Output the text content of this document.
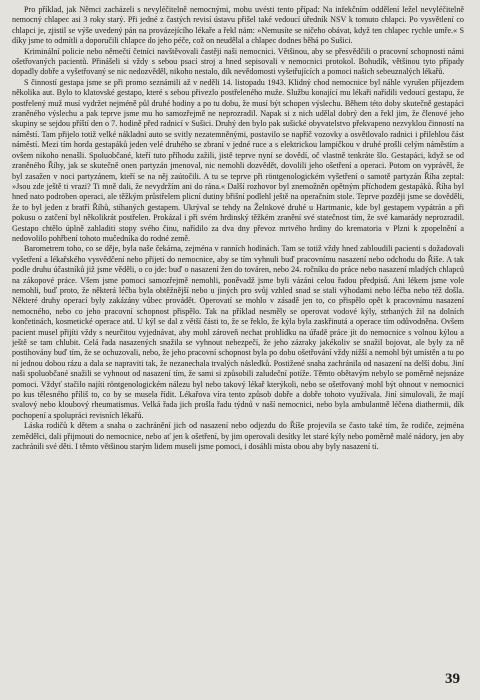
Pro příklad, jak Němci zacházeli s nevyléčitelně nemocnými, mohu uvésti tento případ: Na infekčním oddělení ležel nevyléčitelně nemocný chlapec asi 3 roky starý. Při jedné z častých revisí ústavu přišel také vedoucí úředník NSV k tomuto chlapci. Po vysvětlení co chlapci je, zjistil se výše uvedený pán na provázejícího lékaře a řekl nám: »Nemusíte se ničeho obávat, když ten chlapec rychle umře.« S díky jsme to odmítli a doporučili chlapce do jeho péče, což on neudělal a chlapec dodnes běhá po Sušici.

Kriminální policie nebo němečtí četníci navštěvovali častěji naši nemocnici. Většinou, aby se přesvědčili o pracovní schopnosti námi ošetřovaných pacientů. Přinášeli si vždy s sebou psací stroj a hned sepisovali v nemocnici protokol. Bohudík, většinou tyto případy dopadly dobře a vyšetřovaný se nic nedozvěděl, nikoho nestalo, dík nevědomosti vyšetřujících a pomoci našich sebeuznalých lékařů.

S činností gestapa jsme se při promo seznámili až v neděli 14. listopadu 1943. Klidný chod nemocnice byl náhle vyrušen příjezdem několika aut. Bylo to klatovské gestapo, které s sebou přivezlo postřeleného muže. Službu konající mu lékaři nařídili vedoucí gestapu, že postřelený muž musí vydržet nejméně půl druhé hodiny a po tu dobu, že musí být schopen výslechu. Během této doby skutečně gestapáci zraněného výslechu a pak teprve jsme mu ho samozřejmě ne neprozradil. Napak si z nich udělal dobrý den a řekl jim, že členové jeho skupiny se sejdou příští den o 7. hodině před radnicí v Sušici. Druhý den bylo pak sušické obyvatelstvo překvapeno nezvyklou činností na náměstí. Tam přijelo totiž velké nákladní auto se svitly nezatemněnými, postavilo se napříč vozovky a osvětlovalo radnici i přilehlou část náměstí. Mezi tím horda gestapáků jeden velé druhého se zbraní v jedné ruce a s elektrickou lampičkou v druhé prošli celým náměstím a ovšem nikoho nenašli. Spoluobčané, kteří tuto příhodu zažili, jistě teprve nyní se dovědí, oč vlastně tenkráte šlo. Gestapáci, když se od zraněného Říhy, jak se skutečně onen partyzán jmenoval, nic nemohli dozvědět, dovolili jeho ošetření a operaci. Potom on vyprávěl, že byl zasažen v noci partyzánem, kteří se na něj zaútočili. A tu se teprve při röntgenologickém vyšetření o samotě partyzán Říha zeptal: »Jsou zde ještě ti vrazi? Ti mně dali, že nevydržím ani do rána.« Další rozhovor byl znemožněn opětným příchodem gestapáků. Říha byl hned nato podroben operaci, ale těžkým průstřelem plicní dutiny břišní podlehl ještě na operačním stole. Teprve později jsme se dověděli, že to byl jeden z bratří Říhů, stíhaných gestapem. Ukrýval se tehdy na Želnkové druhé u Hartmanic, kde byl gestapem vypátrán a při pokusu o zatčení byl několikrát postřelen. Prokázal i při svém hrdinský těžkém zranění své statečnost tím, že své kamarády neprozradil. Gestapo chtělo úplně zahladiti stopy svého činu, nařídilo za dva dny převoz mrtvého hrdiny do krematoria v Plzni k zpopelnění a nedovolilo pohřbení tohoto mučedníka do rodné země.

Barometrem toho, co se děje, byla naše čekárna, zejména v ranních hodinách. Tam se totiž vždy hned zabloudili pacienti s dožadovali vyšetření a lékařského vysvědčení nebo přijetí do nemocnice, aby se tím vyhnuli buď pracovnímu nasazení nebo odchodu do Říše. A tak podle druhu účastníků již jsme věděli, o co jde: buď o nasazení žen do továren, nebo 24. ročníku do práce nebo nasazení mladých chlapců na zákopové práce. Všem jsme pomoci samozřejmě nemohli, poněvadž jsme byli vázáni celou řadou předpisů. Ani lékem jsme vole nemohli, buď proto, že některá léčba byla obtěžnější nebo u jiných pro svůj vzhled snad se stali výhodami nebo léčba nebo též došla. Některé druhy operací byly zakázány vůbec provádět. Operovatí se mohlo v zásadě jen to, co přispělo opět k pracovnímu nasazení nemocného, nebo co jeho pracovní schopnost přispělo. Tak na příklad nesměly se operovat vodové kýly, strhaných žil na dolních končetinách, kosmetické operace atd. U kýl se dal z větší části to, že se řeklo, že kýla byla zaskřinutá a operace tím odůvodněna. Ovšem pacient musel přijíti vždy s neurčitou vyjednávat, aby mohl zároveň nechat prohlídku na úřadě práce jít do nemocnice s volnou kýlou a ještě se tam chlubit. Celá řada nasazených snažila se vyhnout nebezpečí, že jeho zázraky jakékoliv se snažil bojovat, ale byly za ně postihovány buď tím, že se ochuzovali, nebo, že jeho pracovní schopnost byla po dobu ošetřování vždy nižší a nemohl být umístěn a tu po ní jednou dobou rázu a dala se napraviti tak, že nezanechala trvalých následků. Postižené snaha zachránila od nasazení na delší dobu. Jiní naši spoluobčané snažili se vyhnout od nasazení tím, že sami si způsobili zaludeční potíže. Těmto obětavým nebylo se poměrně nejsnáze pomoci. Vždyť stačilo najíti röntgenologickém nálezu byl nebo takový lékař kterýkoli, nebo se ošetřovaný mohl být ohnout v nemocnici po kus tělesného příliš to, co by se musela řídit. Lékařova víra tento způsob dobře a dobře tohoto využívala. Jiní simulovali, že mají svalový nebo kloubový rheumatismus. Velká řada jich prošla řadu týdnů v naší nemocnici, nebo byla ambulantně léčena diathermii, dík pochopení a spolupráci revisních lékařů.

Láska rodičů k dětem a snaha o zachránění jich od nasazení nebo odjezdu do Říše projevila se často také tím, že rodiče, zejména zemědělci, dali přijmouti do nemocnice, nebo ať jen k ošetření, by jim operovali desítky let staré kýly nebo poměrně malé nádory, jen aby zachránili své děti. I těmto většinou starým lidem museli jsme pomoci, i dosáhli místa obou aby byly nasazení tí.

39
